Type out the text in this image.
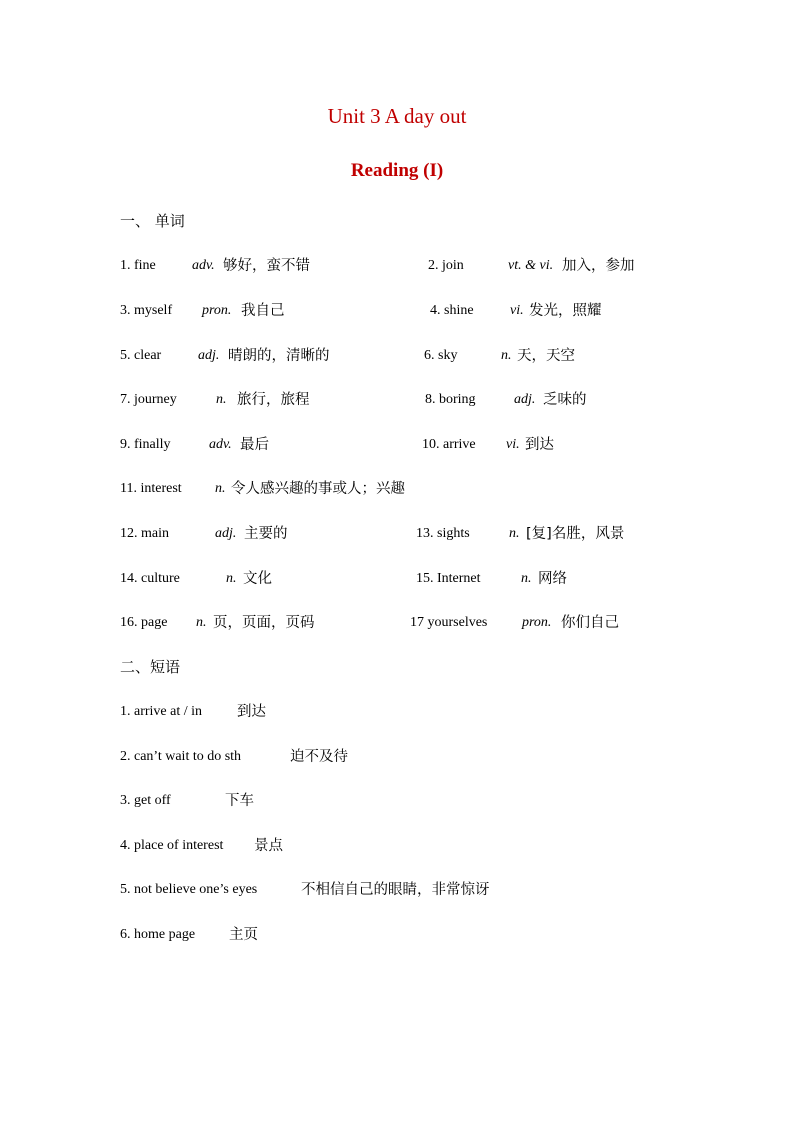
Unit 3 A day out
Reading (I)
一、 单词
1. fine	adv. 够好，蛮不错	2. join	vt. & vi. 加入，参加
3. myself pron. 我自己	4. shine	vi. 发光，照耀
5. clear	adj. 晴朗的，清晰的	6. sky	n. 天，天空
7. journey	n. 旅行，旅程	8. boring	adj. 乏味的
9. finally	adv. 最后	10. arrive vi. 到达
11. interest n. 令人感兴趣的事或人；兴趣
12. main	adj. 主要的	13. sights	n. [复]名胜，风景
14. culture	n. 文化	15. Internet	n. 网络
16. page n. 页，页面，页码	17 yourselves pron. 你们自己
二、短语
1. arrive at / in 到达
2. can’t wait to do sth	迫不及待
3. get off	下车
4. place of interest 景点
5. not believe one’s eyes	不相信自己的眼睛，非常惊讶
6. home page 主页
